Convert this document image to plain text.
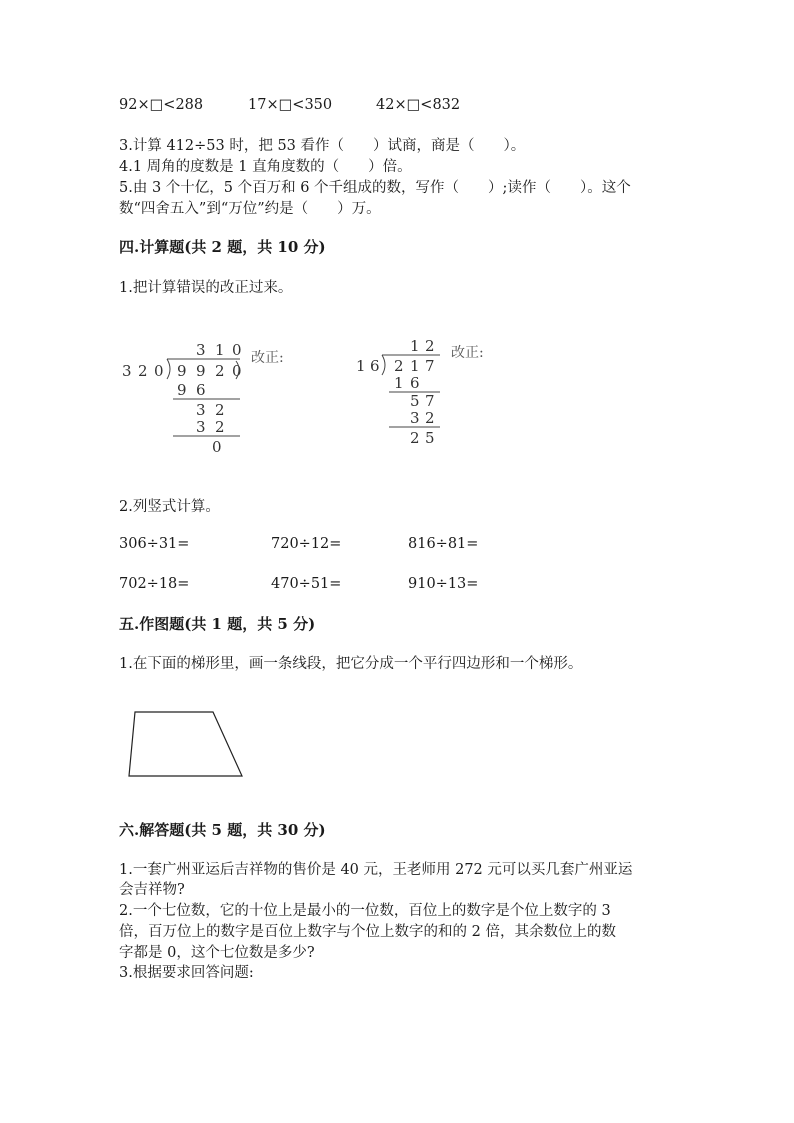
92×□<288	17×□<350	42×□<832
3.计算 412÷53 时，把 53 看作（　　）试商，商是（　　）。
4.1 周角的度数是 1 直角度数的（　　）倍。
5.由 3 个十亿，5 个百万和 6 个千组成的数，写作（　　）;读作（　　）。这个
数“四舍五入”到“万位”约是（　　）万。
四.计算题(共 2 题，共 10 分)
1.把计算错误的改正过来。
改正:
3 1 0
3 2 0 9 9 2 0
9 6
3 2
3 2
0
改正:
1 2
1 6 2 1 7
1 6
5 7
3 2
2 5
2.列竖式计算。
306÷31=	720÷12=	816÷81=
702÷18=	470÷51=	910÷13=
五.作图题(共 1 题，共 5 分)
1.在下面的梯形里，画一条线段，把它分成一个平行四边形和一个梯形。
六.解答题(共 5 题，共 30 分)
1.一套广州亚运后吉祥物的售价是 40 元，王老师用 272 元可以买几套广州亚运
会吉祥物?
2.一个七位数，它的十位上是最小的一位数，百位上的数字是个位上数字的 3
倍，百万位上的数字是百位上数字与个位上数字的和的 2 倍，其余数位上的数
字都是 0，这个七位数是多少?
3.根据要求回答问题:
